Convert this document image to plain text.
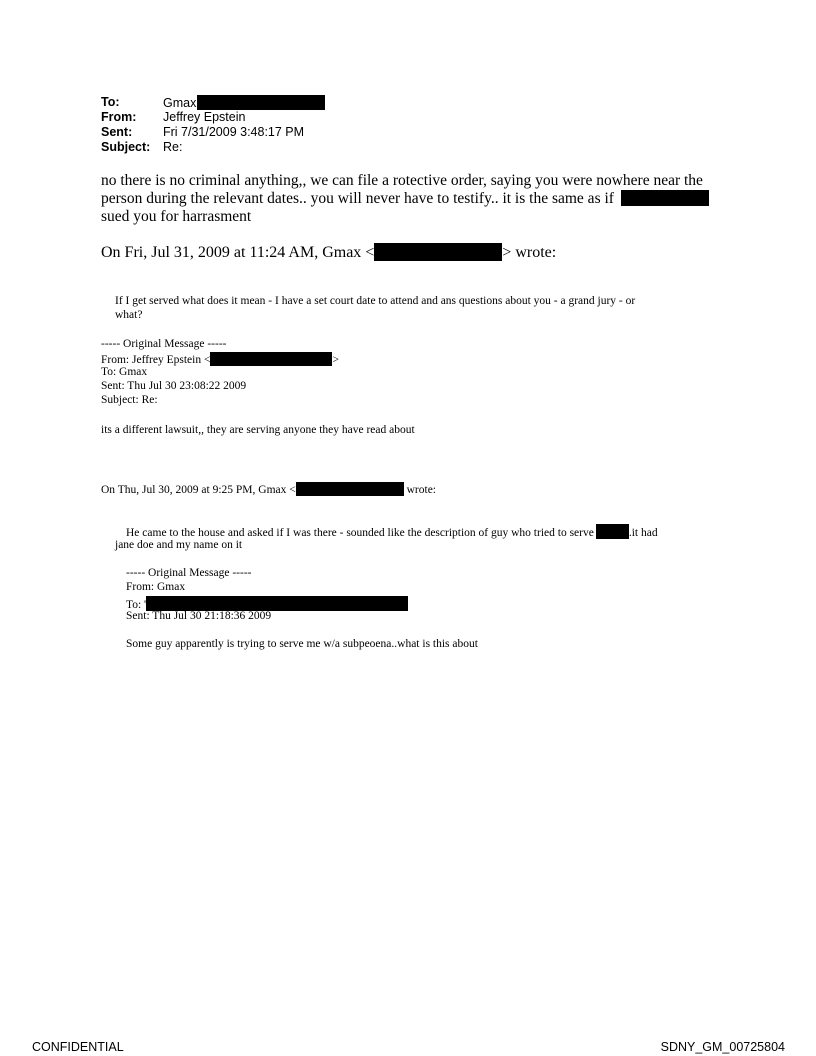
To:	Gmax
From: Jeffrey Epstein
Sent: Fri 7/31/2009 3:48:17 PM
Subject: Re:
no there is no criminal anything,, we can file a rotective order, saying you were nowhere near the
person during the relevant dates.. you will never have to testify.. it is the same as if
sued you for harrasment
On Fri, Jul 31, 2009 at 11:24 AM, Gmax <	> wrote:
If I get served what does it mean - I have a set court date to attend and ans questions about you - a grand jury - or
what?
----- Original Message -----
From: Jeffrey Epstein <	>
To: Gmax
Sent: Thu Jul 30 23:08:22 2009
Subject: Re:
its a different lawsuit,, they are serving anyone they have read about
On Thu, Jul 30, 2009 at 9:25 PM, Gmax <	wrote:
He came to the house and asked if I was there - sounded like the description of guy who tried to serve	.it had
jane doe and my name on it
----- Original Message -----
From: Gmax
To: '
Sent: Thu Jul 30 21:18:36 2009
Some guy apparently is trying to serve me w/a subpeoena..what is this about
CONFIDENTIAL	SDNY_GM_00725804
